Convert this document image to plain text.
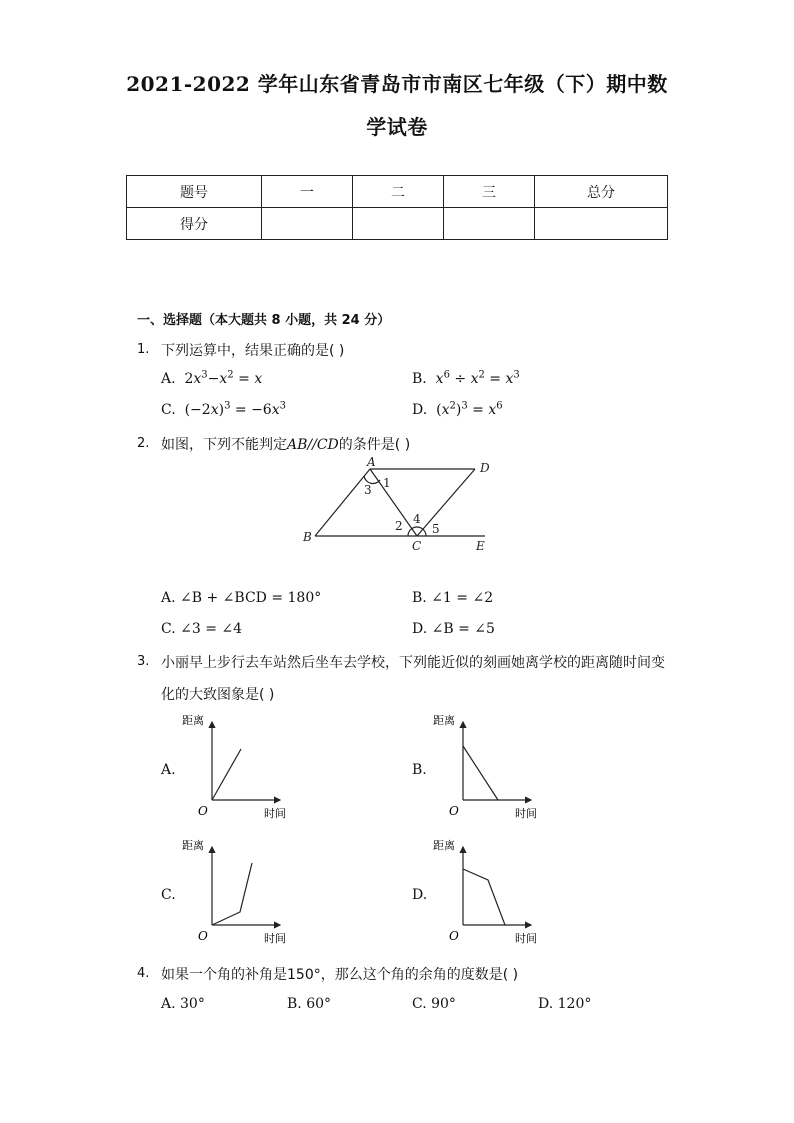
2021-2022 学年山东省青岛市市南区七年级（下）期中数
学试卷
题号	一	二	三	总分
得分				
一、选择题（本大题共 8 小题，共 24 分）
1. 下列运算中，结果正确的是( )
A.  $2x^3-x^2 = x$	B. $x^6 \div x^2 = x^3$
C.  $(-2x)^3 = -6x^3$	D.  $(x^2)^3 = x^6$
2. 如图，下列不能判定AB//CD的条件是( )
A	D
B
C	E
1
3
2 4
5
A. ∠B + ∠BCD = 180°	B. ∠1 = ∠2
C. ∠3 = ∠4	D. ∠B = ∠5
3. 小丽早上步行去车站然后坐车去学校，下列能近似的刻画她离学校的距离随时间变
化的大致图象是( )
A.	B.
C.	D.
距离
时间
O
距离
时间
O
距离
时间
O
距离
时间
O
4. 如果一个角的补角是150°，那么这个角的余角的度数是( )
A. 30°	B. 60°	C. 90°	D. 120°
